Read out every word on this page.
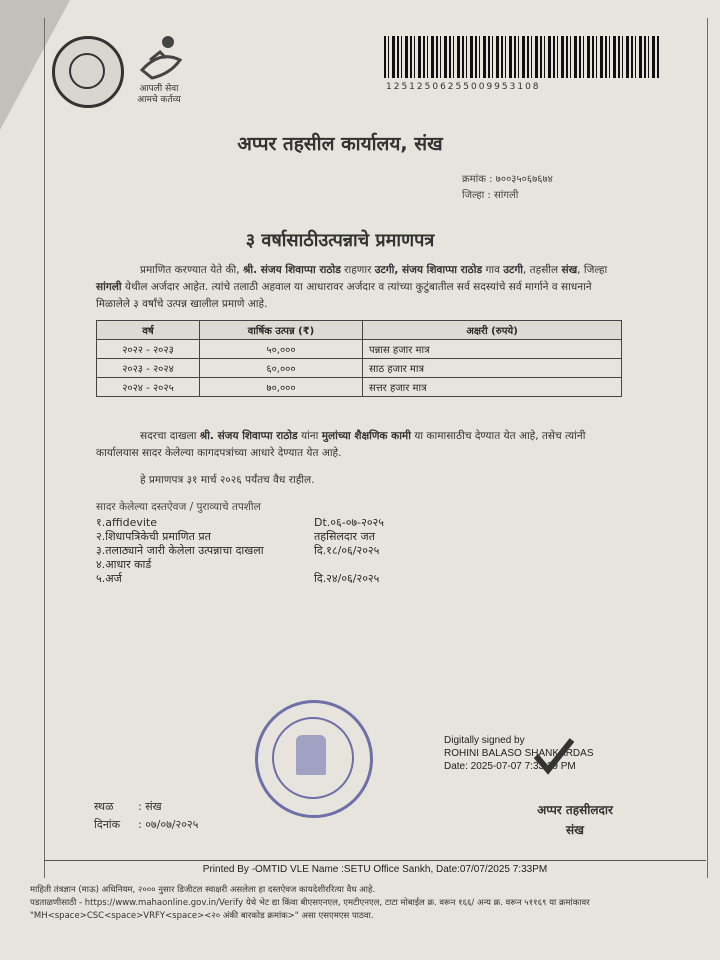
आपली सेवा
आमचे कर्तव्य
12512506255009953108
अप्पर तहसील कार्यालय, संख
क्रमांक : ७००३५०६७६७४
जिल्हा : सांगली
३ वर्षासाठीउत्पन्नाचे प्रमाणपत्र
प्रमाणित करण्यात येते की, श्री. संजय शिवाप्पा राठोड राहणार उटगी, संजय शिवाप्पा राठोड गाव उटगी, तहसील संख, जिल्हा सांगली येथील अर्जदार आहेत. त्यांचे तलाठी अहवाल या आधारावर अर्जदार व त्यांच्या कुटुंबातील सर्व सदस्यांचे सर्व मार्गाने व साधनाने मिळालेले ३ वर्षांचे उत्पन्न खालील प्रमाणे आहे.
वर्ष	वार्षिक उत्पन्न (₹)	अक्षरी (रुपये)
२०२२ - २०२३	५०,०००	पन्नास हजार मात्र
२०२३ - २०२४	६०,०००	साठ हजार मात्र
२०२४ - २०२५	७०,०००	सत्तर हजार मात्र
सदरचा दाखला श्री. संजय शिवाप्पा राठोड यांना मुलांच्या शैक्षणिक कामी या कामासाठीच देण्यात येत आहे, तसेच त्यांनी कार्यालयास सादर केलेल्या कागदपत्रांच्या आधारे देण्यात येत आहे.
हे प्रमाणपत्र ३१ मार्च २०२६ पर्यंतच वैध राहील.
सादर केलेल्या दस्तऐवज / पुराव्याचे तपशील
१.affidevite	Dt.०६-०७-२०२५
२.शिधापत्रिकेची प्रमाणित प्रत	तहसिलदार जत
३.तलाठ्याने जारी केलेला उत्पन्नाचा दाखला	दि.१८/०६/२०२५
४.आधार कार्ड
५.अर्ज	दि.२४/०६/२०२५
Digitally signed by
ROHINI BALASO SHANKARDAS
Date: 2025-07-07 7:33:29 PM
स्थळ : संख
दिनांक : ०७/०७/२०२५
अप्पर तहसीलदार
संख
Printed By -OMTID VLE Name :SETU Office Sankh, Date:07/07/2025 7:33PM
माहिती तंत्रज्ञान (माऊ) अधिनियम, २००० नुसार डिजीटल स्वाक्षरी असलेला हा दस्तऐवज कायदेशीररित्या वैध आहे.
पडताळणीसाठी - https://www.mahaonline.gov.in/Verify येथे भेट द्या किंवा बीएसएनएल, एमटीएनएल, टाटा मोबाईल क्र. वरून १६६/ अन्य क्र. वरून ५११६९ या क्रमांकावर
"MH<space>CSC<space>VRFY<space><२० अंकी बारकोड क्रमांक>" असा एसएमएस पाठवा.
